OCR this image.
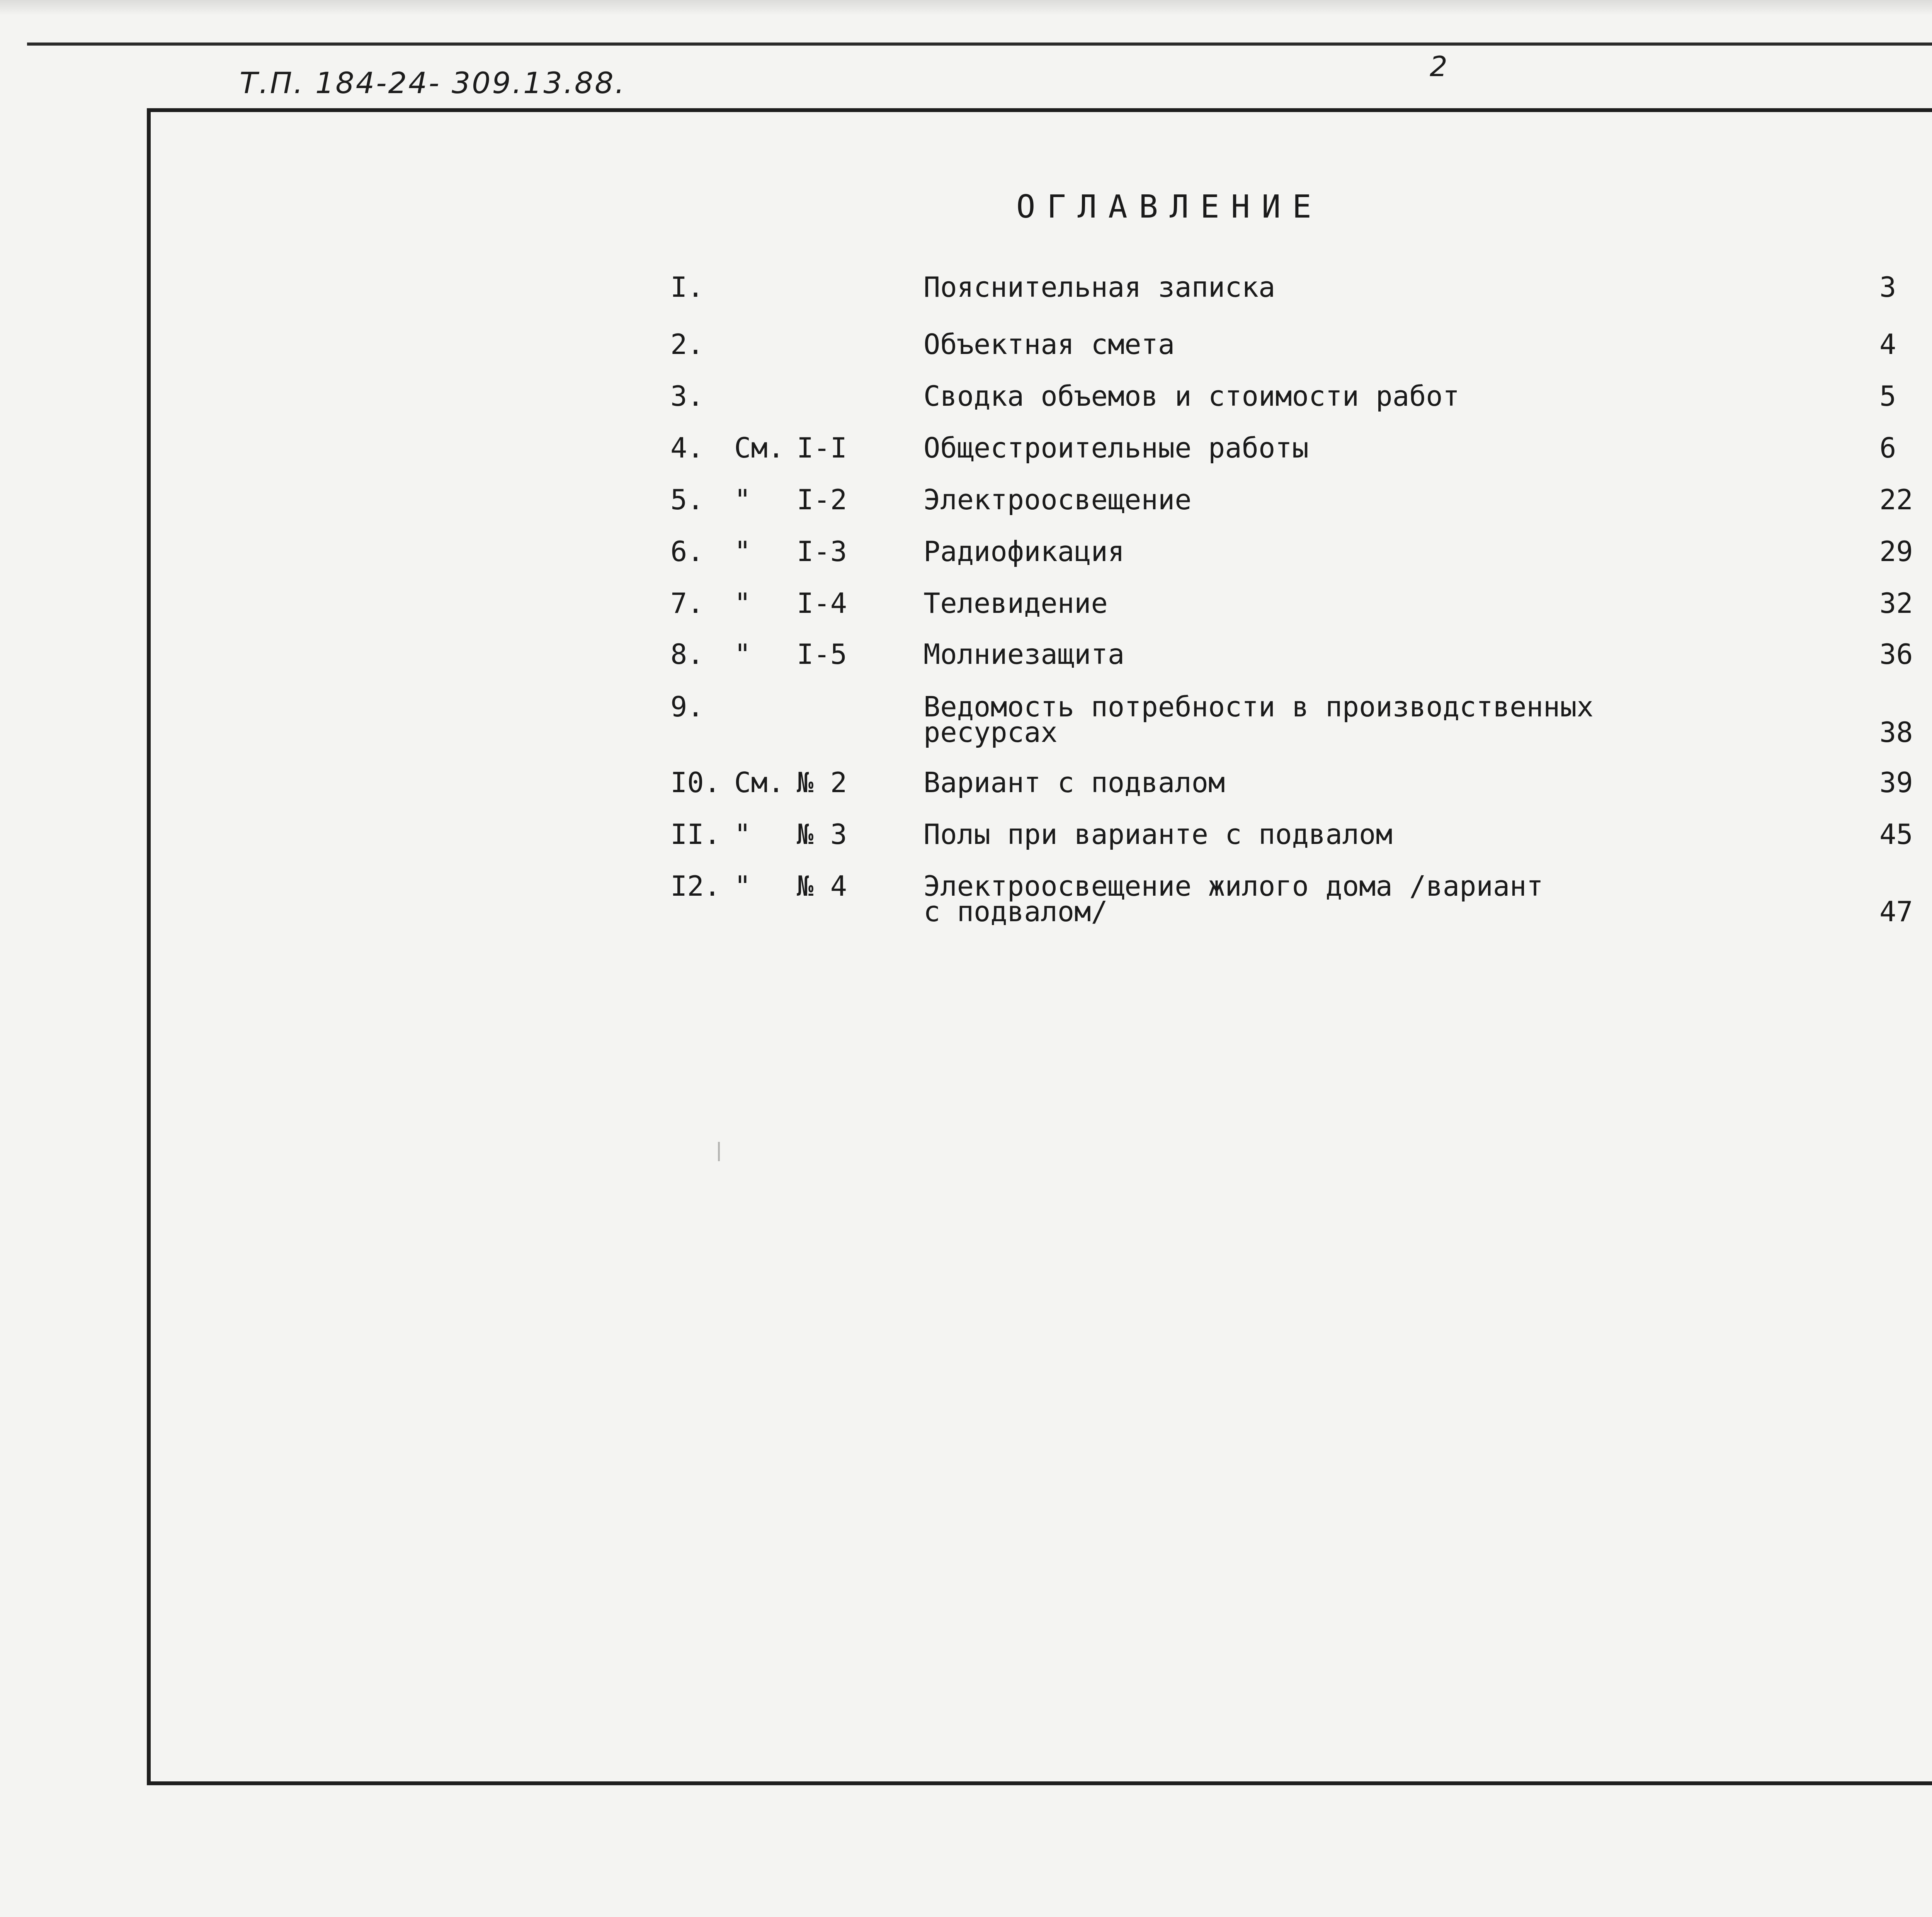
Т.П. 184-24- 309.13.88.	2
ОГЛАВЛЕНИЕ
I.	Пояснительная записка	3
2.	Объектная смета	4
3.	Сводка объемов и стоимости работ	5
4. См. I-I	Общестроительные работы	6
5. " I-2	Электроосвещение	22
6. " I-3	Радиофикация	29
7. " I-4	Телевидение	32
8. " I-5	Молниезащита	36
9.	Ведомость потребности в производственных
ресурсах	38
I0. См. № 2	Вариант с подвалом	39
II. " № 3	Полы при варианте с подвалом	45
I2. " № 4	Электроосвещение жилого дома /вариант
с подвалом/	47
